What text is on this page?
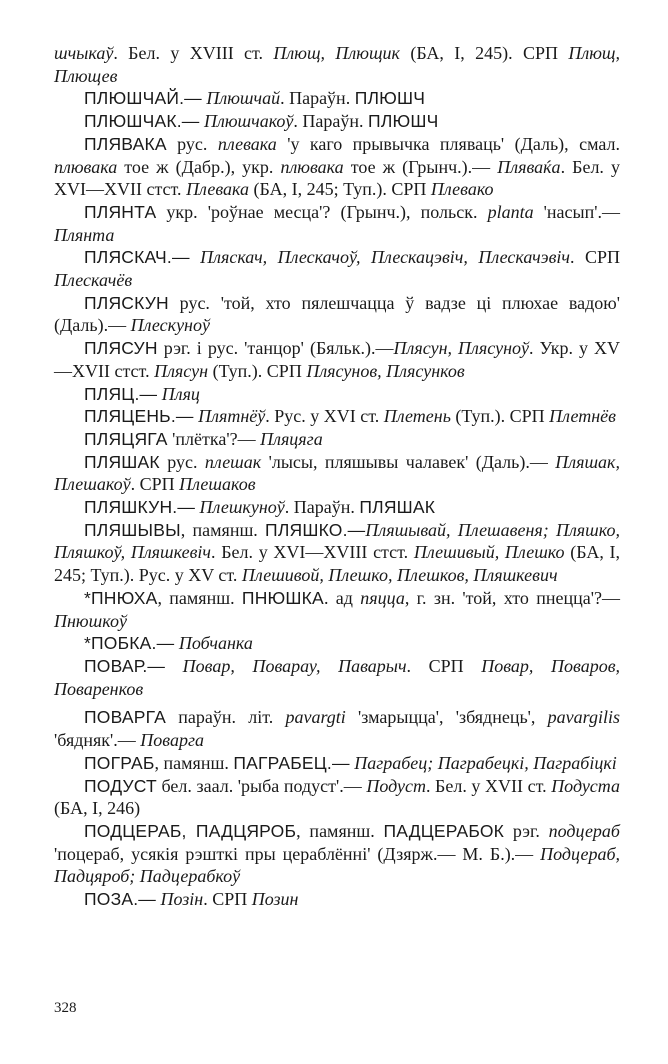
шчыкаў. Бел. у XVIII ст. Плющ, Плющик (БА, I, 245). СРП Плющ, Плющев

ПЛЮШЧАЙ.— Плюшчай. Параўн. ПЛЮШЧ

ПЛЮШЧАК.— Плюшчакоў. Параўн. ПЛЮШЧ

ПЛЯВАКА рус. плевака 'у каго прывычка пляваць' (Даль), смал. плювака тое ж (Дабр.), укр. плювака тое ж (Грынч.).— Пляваќа. Бел. у XVI—XVII стст. Плевака (БА, I, 245; Туп.). СРП Плевако

ПЛЯНТА укр. 'роўнае месца'? (Грынч.), польск. planta 'насып'.— Плянта

ПЛЯСКАЧ.— Пляскач, Плескачоў, Плескацэвіч, Плескачэвіч. СРП Плескачёв

ПЛЯСКУН рус. 'той, хто пялешчацца ў вадзе ці плюхае вадою' (Даль).— Плескуноў

ПЛЯСУН рэг. і рус. 'танцор' (Бяльк.).—Плясун, Плясуноў. Укр. у XV—XVII стст. Плясун (Туп.). СРП Плясунов, Плясунков

ПЛЯЦ.— Пляц

ПЛЯЦЕНЬ.— Плятнёў. Рус. у XVI ст. Плетень (Туп.). СРП Плетнёв

ПЛЯЦЯГА 'плётка'?— Пляцяга

ПЛЯШАК рус. плешак 'лысы, пляшывы чалавек' (Даль).— Пляшак, Плешакоў. СРП Плешаков

ПЛЯШКУН.— Плешкуноў. Параўн. ПЛЯШАК

ПЛЯШЫВЫ, памянш. ПЛЯШКО.—Пляшывай, Плешавеня; Пляшко, Пляшкоў, Пляшкевіч. Бел. у XVI—XVIII стст. Плешивый, Плешко (БА, I, 245; Туп.). Рус. у XV ст. Плешивой, Плешко, Плешков, Пляшкевич

*ПНЮХА, памянш. ПНЮШКА. ад пяцца, г. зн. 'той, хто пнецца'?—Пнюшкоў

*ПОБКА.— Побчанка

ПОВАР.— Повар, Поварау, Паварыч. СРП Повар, Поваров, Поваренков

ПОВАРГА параўн. літ. pavargti 'змарыцца', 'збяднець', pavargilis 'бядняк'.— Поварга

ПОГРАБ, памянш. ПАГРАБЕЦ.— Паграбец; Паграбецкі, Паграбіцкі

ПОДУСТ бел. заал. 'рыба подуст'.— Подуст. Бел. у XVII ст. Подуста (БА, I, 246)

ПОДЦЕРАБ, ПАДЦЯРОБ, памянш. ПАДЦЕРАБОК рэг. подцераб 'поцераб, усякія рэшткі пры цераблённі' (Дзярж.— М. Б.).— Подцераб, Падцяроб; Падцерабкоў

ПОЗА.— Позін. СРП Позин

328
